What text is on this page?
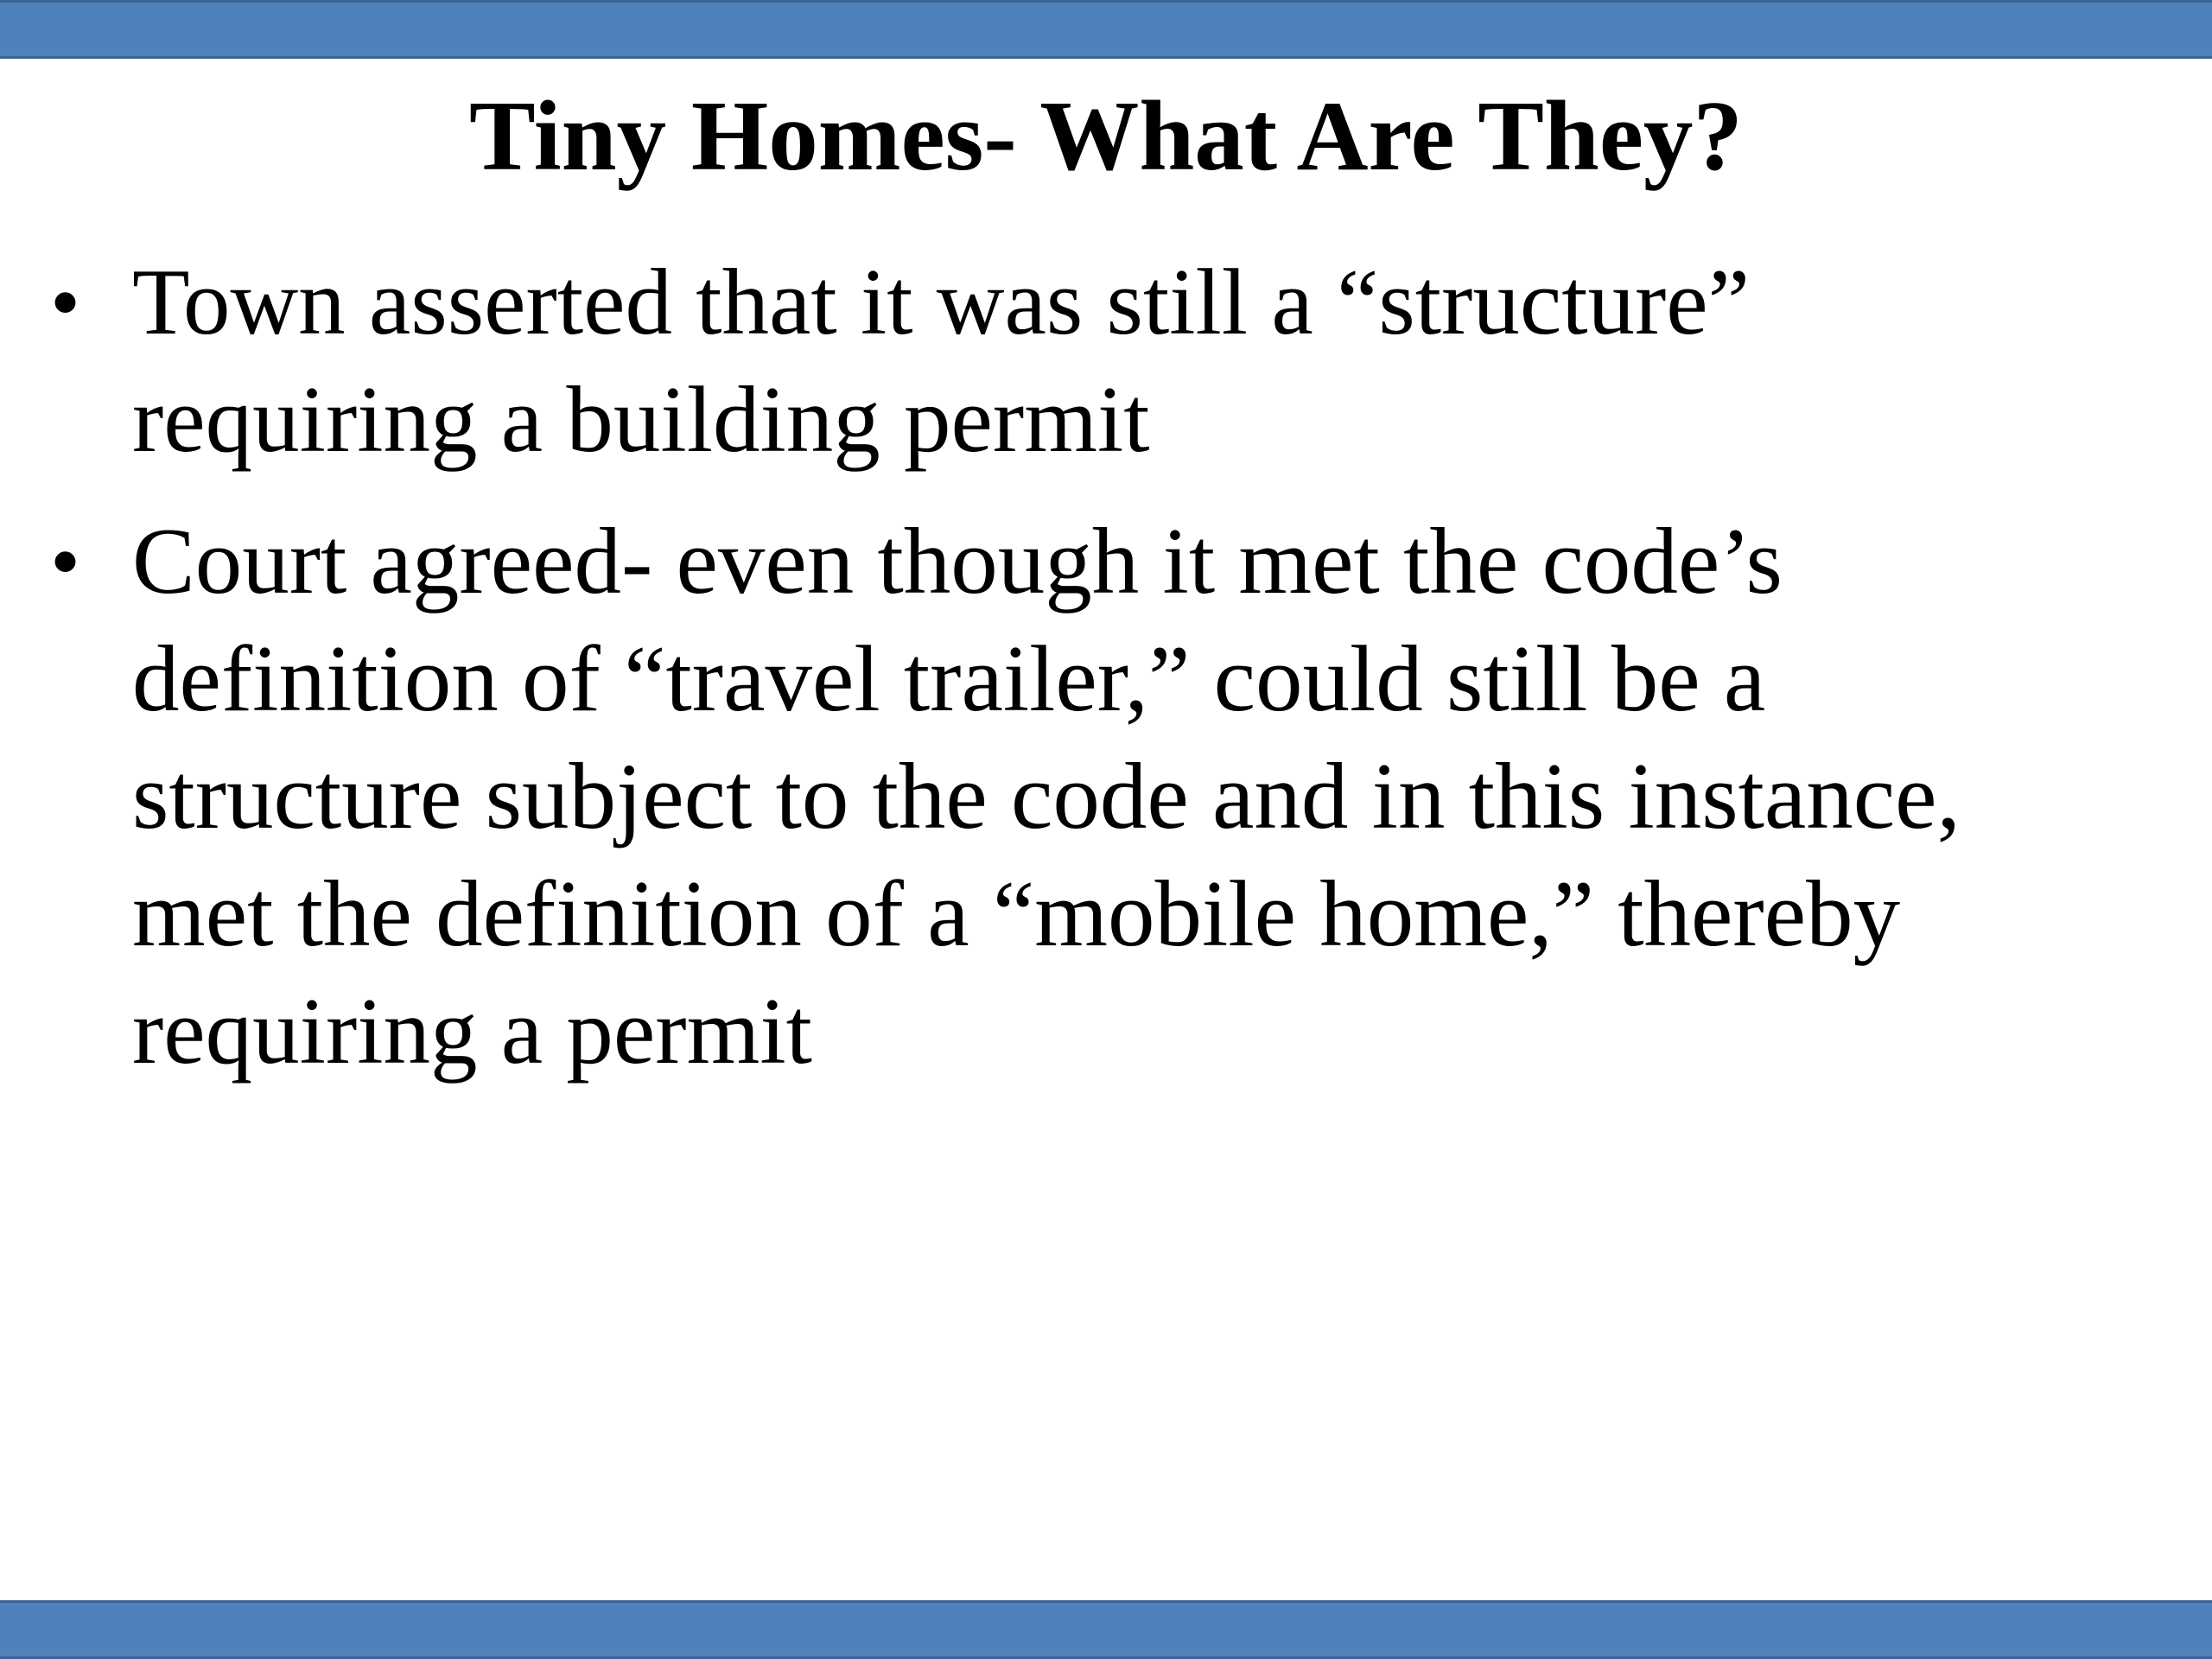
Tiny Homes- What Are They?
• Town asserted that it was still a “structure” requiring a building permit
• Court agreed- even though it met the code’s definition of “travel trailer,” could still be a structure subject to the code and in this instance, met the definition of a “mobile home,” thereby requiring a permit
